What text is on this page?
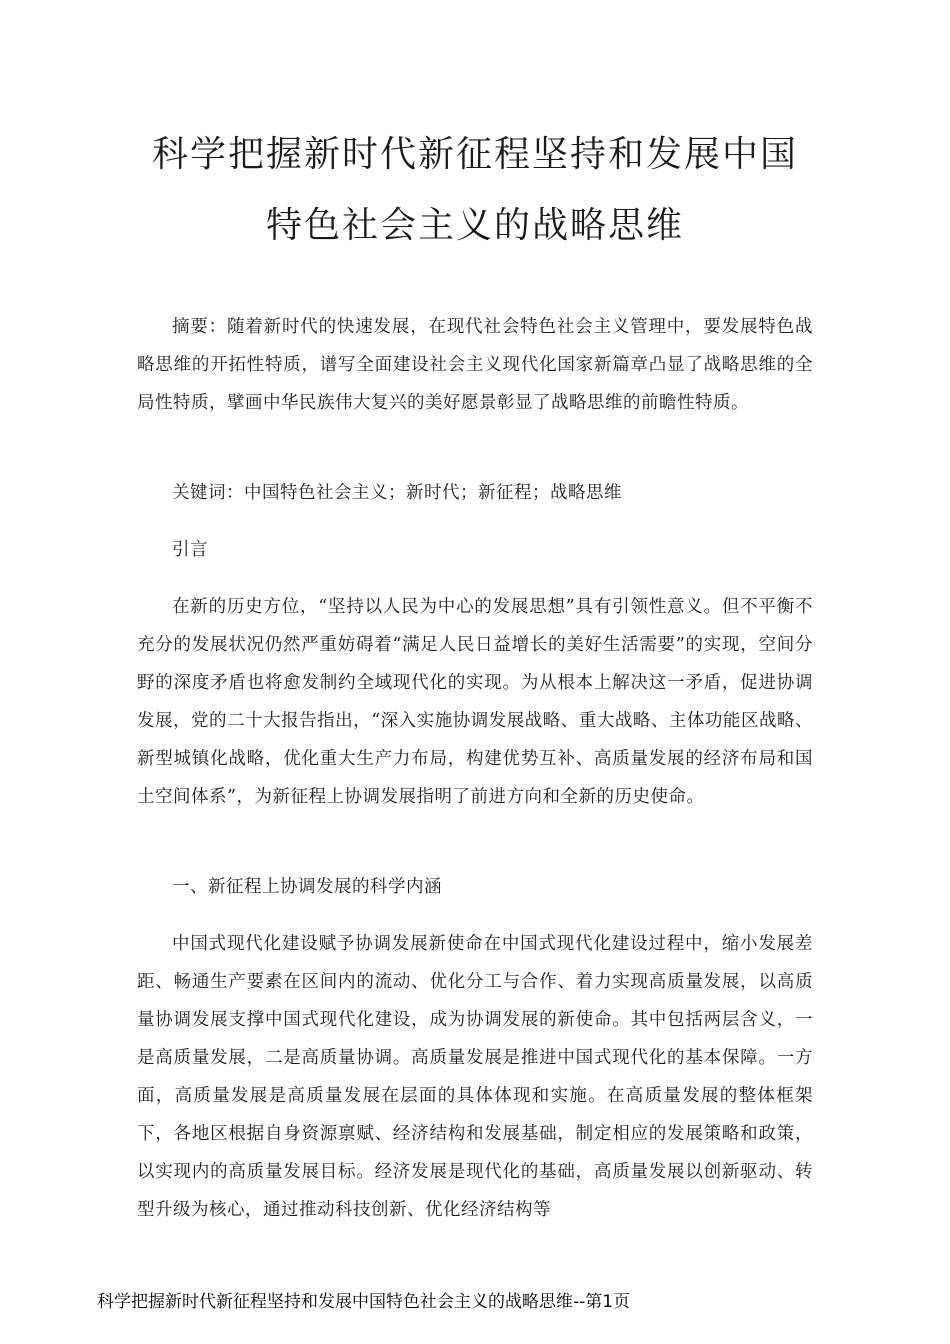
科学把握新时代新征程坚持和发展中国
特色社会主义的战略思维

摘要：随着新时代的快速发展，在现代社会特色社会主义管理中，要发展特色战略思维的开拓性特质，谱写全面建设社会主义现代化国家新篇章凸显了战略思维的全局性特质，擘画中华民族伟大复兴的美好愿景彰显了战略思维的前瞻性特质。

关键词：中国特色社会主义；新时代；新征程；战略思维

引言

在新的历史方位，“坚持以人民为中心的发展思想”具有引领性意义。但不平衡不充分的发展状况仍然严重妨碍着“满足人民日益增长的美好生活需要”的实现，空间分野的深度矛盾也将愈发制约全域现代化的实现。为从根本上解决这一矛盾，促进协调发展，党的二十大报告指出，“深入实施协调发展战略、重大战略、主体功能区战略、新型城镇化战略，优化重大生产力布局，构建优势互补、高质量发展的经济布局和国土空间体系”，为新征程上协调发展指明了前进方向和全新的历史使命。

一、新征程上协调发展的科学内涵

中国式现代化建设赋予协调发展新使命在中国式现代化建设过程中，缩小发展差距、畅通生产要素在区间内的流动、优化分工与合作、着力实现高质量发展，以高质量协调发展支撑中国式现代化建设，成为协调发展的新使命。其中包括两层含义，一是高质量发展，二是高质量协调。高质量发展是推进中国式现代化的基本保障。一方面，高质量发展是高质量发展在层面的具体体现和实施。在高质量发展的整体框架下，各地区根据自身资源禀赋、经济结构和发展基础，制定相应的发展策略和政策，以实现内的高质量发展目标。经济发展是现代化的基础，高质量发展以创新驱动、转型升级为核心，通过推动科技创新、优化经济结构等

科学把握新时代新征程坚持和发展中国特色社会主义的战略思维--第1页
